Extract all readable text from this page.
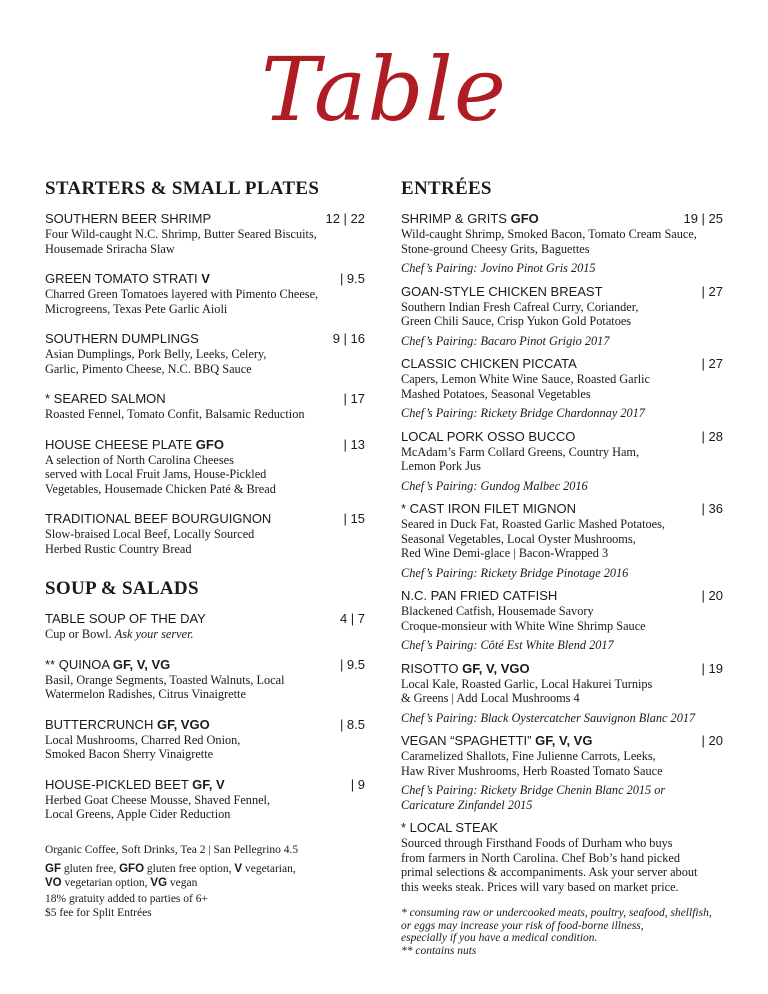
Table
STARTERS & SMALL PLATES
SOUTHERN BEER SHRIMP	12 | 22
Four Wild-caught N.C. Shrimp, Butter Seared Biscuits,
Housemade Sriracha Slaw
GREEN TOMATO STRATI V	| 9.5
Charred Green Tomatoes layered with Pimento Cheese,
Microgreens, Texas Pete Garlic Aioli
SOUTHERN DUMPLINGS	9 | 16
Asian Dumplings, Pork Belly, Leeks, Celery,
Garlic, Pimento Cheese, N.C. BBQ Sauce
* SEARED SALMON	| 17
Roasted Fennel, Tomato Confit, Balsamic Reduction
HOUSE CHEESE PLATE GFO	| 13
A selection of North Carolina Cheeses
served with Local Fruit Jams, House-Pickled
Vegetables, Housemade Chicken Paté & Bread
TRADITIONAL BEEF BOURGUIGNON	| 15
Slow-braised Local Beef, Locally Sourced
Herbed Rustic Country Bread
SOUP & SALADS
TABLE SOUP OF THE DAY	4 | 7
Cup or Bowl. Ask your server.
** QUINOA GF, V, VG	| 9.5
Basil, Orange Segments, Toasted Walnuts, Local
Watermelon Radishes, Citrus Vinaigrette
BUTTERCRUNCH GF, VGO	| 8.5
Local Mushrooms, Charred Red Onion,
Smoked Bacon Sherry Vinaigrette
HOUSE-PICKLED BEET GF, V	| 9
Herbed Goat Cheese Mousse, Shaved Fennel,
Local Greens, Apple Cider Reduction
Organic Coffee, Soft Drinks, Tea 2 | San Pellegrino 4.5
GF gluten free, GFO gluten free option, V vegetarian,
VO vegetarian option, VG vegan
18% gratuity added to parties of 6+
$5 fee for Split Entrées
ENTRÉES
SHRIMP & GRITS GFO	19 | 25
Wild-caught Shrimp, Smoked Bacon, Tomato Cream Sauce,
Stone-ground Cheesy Grits, Baguettes
Chef’s Pairing: Jovino Pinot Gris 2015
GOAN-STYLE CHICKEN BREAST	| 27
Southern Indian Fresh Cafreal Curry, Coriander,
Green Chili Sauce, Crisp Yukon Gold Potatoes
Chef’s Pairing: Bacaro Pinot Grigio 2017
CLASSIC CHICKEN PICCATA	| 27
Capers, Lemon White Wine Sauce, Roasted Garlic
Mashed Potatoes, Seasonal Vegetables
Chef’s Pairing: Rickety Bridge Chardonnay 2017
LOCAL PORK OSSO BUCCO	| 28
McAdam’s Farm Collard Greens, Country Ham,
Lemon Pork Jus
Chef’s Pairing: Gundog Malbec 2016
* CAST IRON FILET MIGNON	| 36
Seared in Duck Fat, Roasted Garlic Mashed Potatoes,
Seasonal Vegetables, Local Oyster Mushrooms,
Red Wine Demi-glace | Bacon-Wrapped 3
Chef’s Pairing: Rickety Bridge Pinotage 2016
N.C. PAN FRIED CATFISH	| 20
Blackened Catfish, Housemade Savory
Croque-monsieur with White Wine Shrimp Sauce
Chef’s Pairing: Côté Est White Blend 2017
RISOTTO GF, V, VGO	| 19
Local Kale, Roasted Garlic, Local Hakurei Turnips
& Greens | Add Local Mushrooms 4
Chef’s Pairing: Black Oystercatcher Sauvignon Blanc 2017
VEGAN “SPAGHETTI” GF, V, VG	| 20
Caramelized Shallots, Fine Julienne Carrots, Leeks,
Haw River Mushrooms, Herb Roasted Tomato Sauce
Chef’s Pairing: Rickety Bridge Chenin Blanc 2015 or
Caricature Zinfandel 2015
* LOCAL STEAK
Sourced through Firsthand Foods of Durham who buys
from farmers in North Carolina. Chef Bob’s hand picked
primal selections & accompaniments. Ask your server about
this weeks steak. Prices will vary based on market price.
* consuming raw or undercooked meats, poultry, seafood, shellfish,
or eggs may increase your risk of food-borne illness,
especially if you have a medical condition.
** contains nuts
